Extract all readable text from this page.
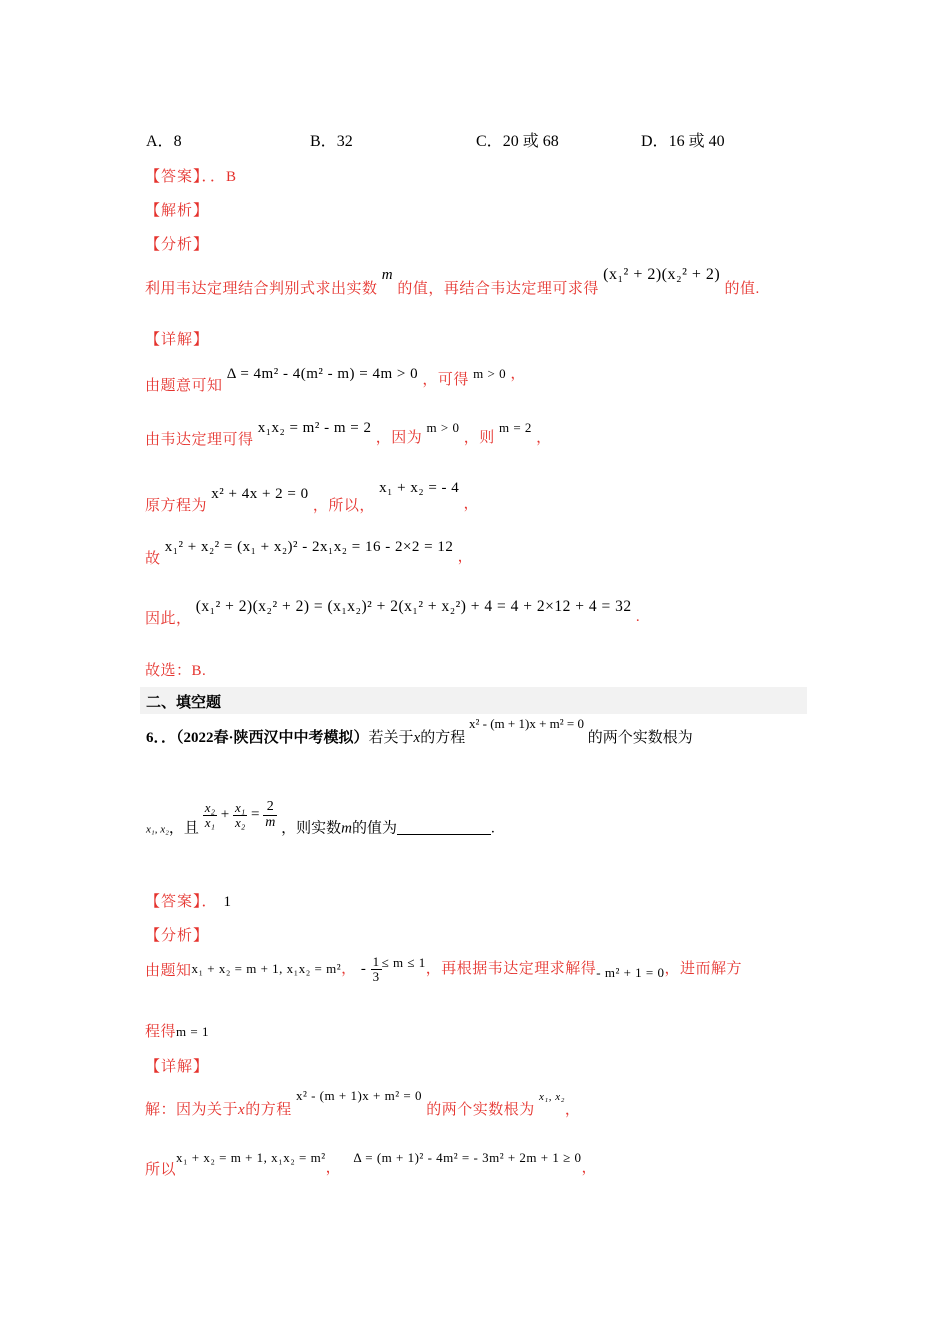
A．8	B．32	C．20 或 68	D．16 或 40
【答案】．．B
【解析】
【分析】
利用韦达定理结合判别式求出实数 m 的值，再结合韦达定理可求得 (x₁² + 2)(x₂² + 2) 的值.
【详解】
由题意可知 Δ = 4m² - 4(m² - m) = 4m > 0 ，可得 m > 0 ，
由韦达定理可得 x₁x₂ = m² - m = 2 ，因为 m > 0 ，则 m = 2 ，
原方程为 x² + 4x + 2 = 0 ，所以， x₁ + x₂ = - 4 ，
故 x₁² + x₂² = (x₁ + x₂)² - 2x₁x₂ = 16 - 2×2 = 12 ，
因此， (x₁² + 2)(x₂² + 2) = (x₁x₂)² + 2(x₁² + x₂²) + 4 = 4 + 2×12 + 4 = 32 .
故选：B.
二、填空题
6．．（2022春·陕西汉中中考模拟）若关于x的方程 x² - (m + 1)x + m² = 0 的两个实数根为
$_{x_1, x_2}$，且 $\frac{\text{x₂}}{\text{x₁}} + \frac{\text{x₁}}{\text{x₂}} = \frac{2}{m}$ ，则实数m的值为	.
【答案】． 1
【分析】
由题知x₁ + x₂ = m + 1, x₁x₂ = m²， - $\frac{1}{3} \le m \le 1$，再根据韦达定理求解得- m² + 1 = 0，进而解方
程得m = 1
【详解】
解：因为关于x的方程 x² - (m + 1)x + m² = 0 的两个实数根为 x₁, x₂，
所以x₁ + x₂ = m + 1, x₁x₂ = m²， Δ = (m + 1)² - 4m² = - 3m² + 2m + 1 ≥ 0，
